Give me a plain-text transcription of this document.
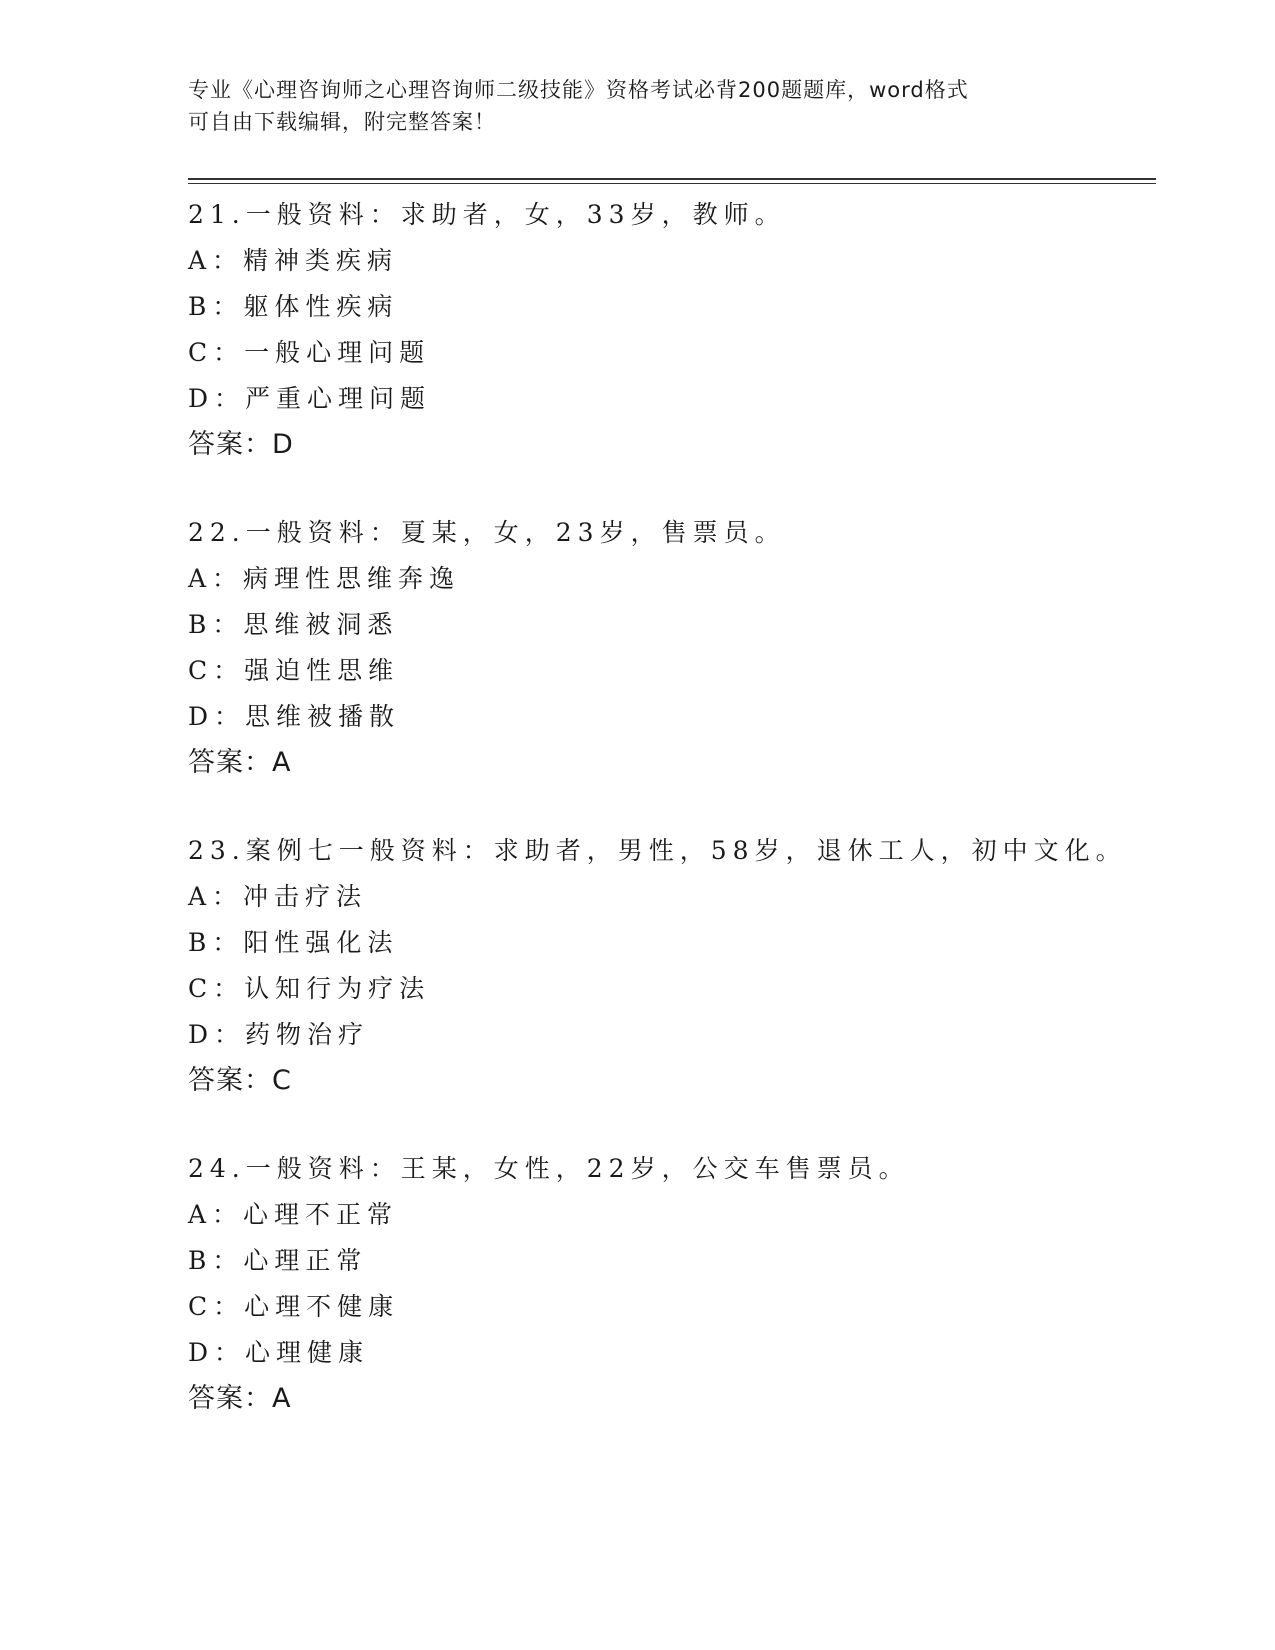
专业《心理咨询师之心理咨询师二级技能》资格考试必背200题题库，word格式
可自由下载编辑，附完整答案！
21.一般资料：求助者，女，33岁，教师。
A：精神类疾病
B：躯体性疾病
C：一般心理问题
D：严重心理问题
答案：D
22.一般资料：夏某，女，23岁，售票员。
A：病理性思维奔逸
B：思维被洞悉
C：强迫性思维
D：思维被播散
答案：A
23.案例七一般资料：求助者，男性，58岁，退休工人，初中文化。
A：冲击疗法
B：阳性强化法
C：认知行为疗法
D：药物治疗
答案：C
24.一般资料：王某，女性，22岁，公交车售票员。
A：心理不正常
B：心理正常
C：心理不健康
D：心理健康
答案：A
